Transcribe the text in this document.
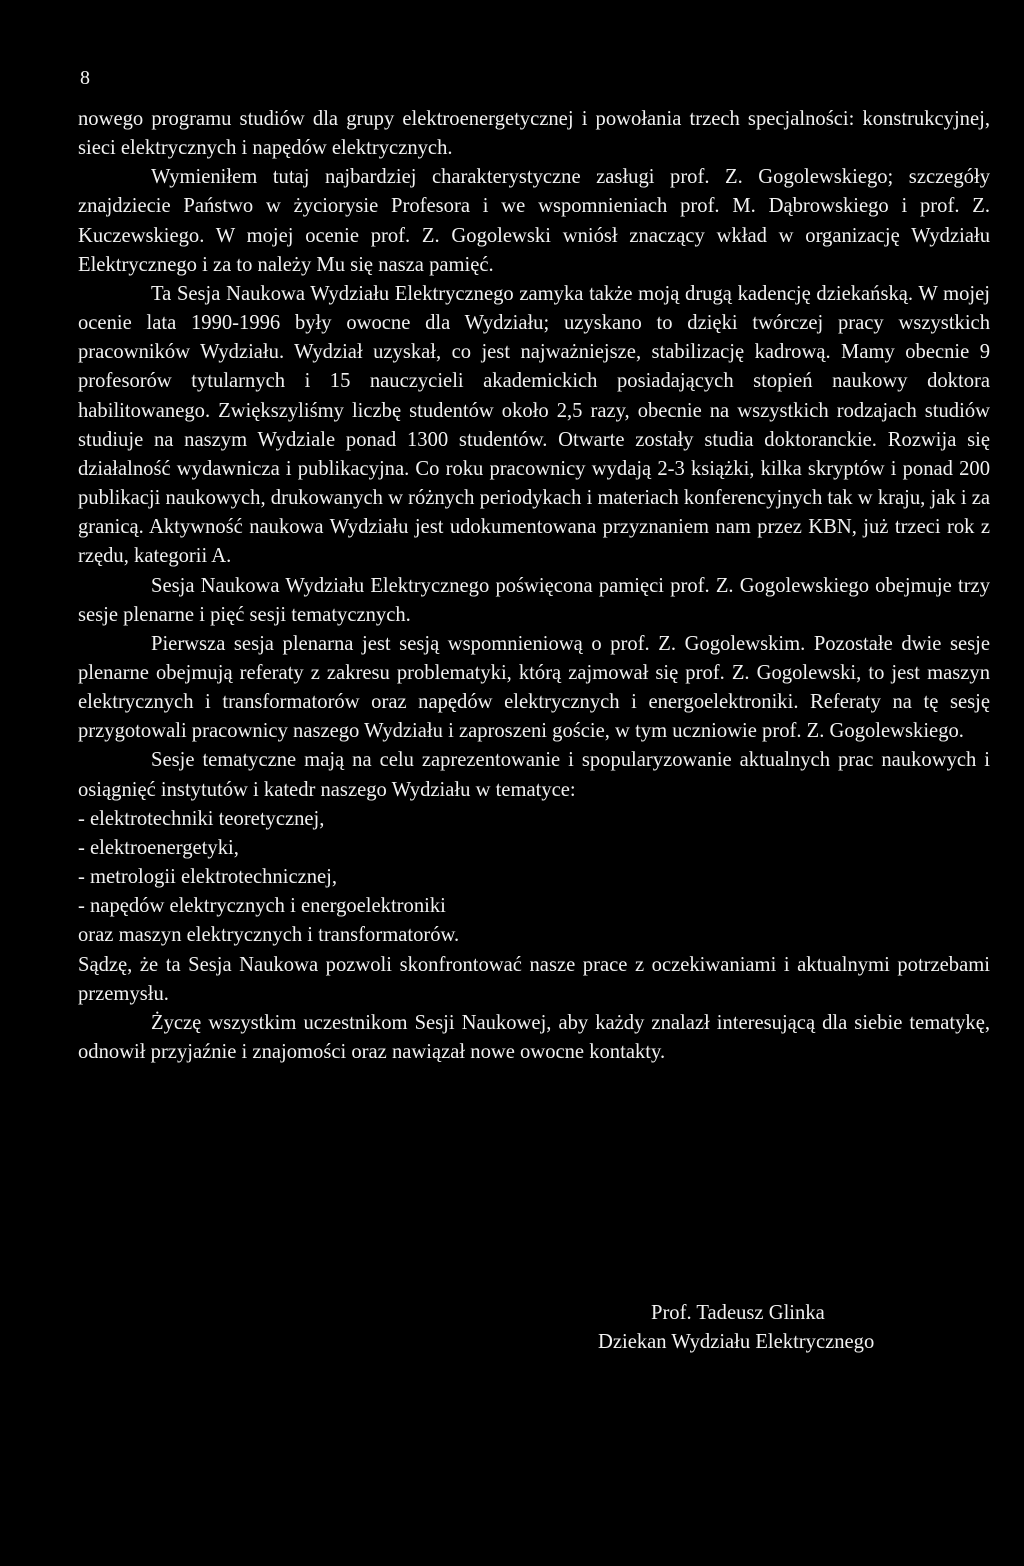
8

nowego programu studiów dla grupy elektroenergetycznej i powołania trzech specjalności: konstrukcyjnej, sieci elektrycznych i napędów elektrycznych.

Wymieniłem tutaj najbardziej charakterystyczne zasługi prof. Z. Gogolewskiego; szczegóły znajdziecie Państwo w życiorysie Profesora i we wspomnieniach prof. M. Dąbrowskiego i prof. Z. Kuczewskiego. W mojej ocenie prof. Z. Gogolewski wniósł znaczący wkład w organizację Wydziału Elektrycznego i za to należy Mu się nasza pamięć.

Ta Sesja Naukowa Wydziału Elektrycznego zamyka także moją drugą kadencję dziekańską. W mojej ocenie lata 1990-1996 były owocne dla Wydziału; uzyskano to dzięki twórczej pracy wszystkich pracowników Wydziału. Wydział uzyskał, co jest najważniejsze, stabilizację kadrową. Mamy obecnie 9 profesorów tytularnych i 15 nauczycieli akademickich posiadających stopień naukowy doktora habilitowanego. Zwiększyliśmy liczbę studentów około 2,5 razy, obecnie na wszystkich rodzajach studiów studiuje na naszym Wydziale ponad 1300 studentów. Otwarte zostały studia doktoranckie. Rozwija się działalność wydawnicza i publikacyjna. Co roku pracownicy wydają 2-3 książki, kilka skryptów i ponad 200 publikacji naukowych, drukowanych w różnych periodykach i materiach konferencyjnych tak w kraju, jak i za granicą. Aktywność naukowa Wydziału jest udokumentowana przyznaniem nam przez KBN, już trzeci rok z rzędu, kategorii A.

Sesja Naukowa Wydziału Elektrycznego poświęcona pamięci prof. Z. Gogolewskiego obejmuje trzy sesje plenarne i pięć sesji tematycznych.

Pierwsza sesja plenarna jest sesją wspomnieniową o prof. Z. Gogolewskim. Pozostałe dwie sesje plenarne obejmują referaty z zakresu problematyki, którą zajmował się prof. Z. Gogolewski, to jest maszyn elektrycznych i transformatorów oraz napędów elektrycznych i energoelektroniki. Referaty na tę sesję przygotowali pracownicy naszego Wydziału i zaproszeni goście, w tym uczniowie prof. Z. Gogolewskiego.

Sesje tematyczne mają na celu zaprezentowanie i spopularyzowanie aktualnych prac naukowych i osiągnięć instytutów i katedr naszego Wydziału w tematyce:

- elektrotechniki teoretycznej,
- elektroenergetyki,
- metrologii elektrotechnicznej,
- napędów elektrycznych i energoelektroniki

oraz maszyn elektrycznych i transformatorów.

Sądzę, że ta Sesja Naukowa pozwoli skonfrontować nasze prace z oczekiwaniami i aktualnymi potrzebami przemysłu.

Życzę wszystkim uczestnikom Sesji Naukowej, aby każdy znalazł interesującą dla siebie tematykę, odnowił przyjaźnie i znajomości oraz nawiązał nowe owocne kontakty.

Prof. Tadeusz Glinka
Dziekan Wydziału Elektrycznego
